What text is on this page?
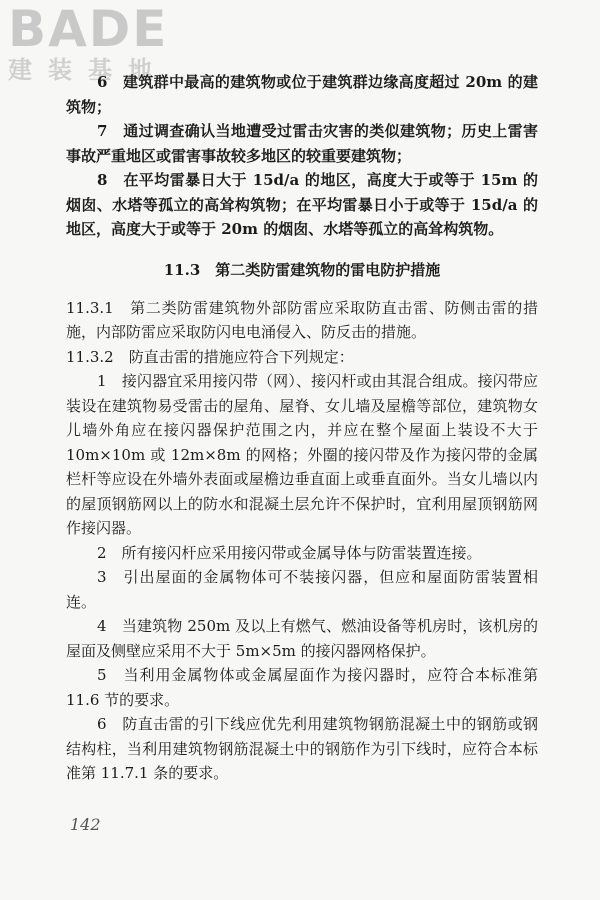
BADE
建装基地

6　建筑群中最高的建筑物或位于建筑群边缘高度超过 20m 的建筑物；

7　通过调查确认当地遭受过雷击灾害的类似建筑物；历史上雷害事故严重地区或雷害事故较多地区的较重要建筑物；

8　在平均雷暴日大于 15d/a 的地区，高度大于或等于 15m 的烟囱、水塔等孤立的高耸构筑物；在平均雷暴日小于或等于 15d/a 的地区，高度大于或等于 20m 的烟囱、水塔等孤立的高耸构筑物。

11.3　第二类防雷建筑物的雷电防护措施

11.3.1　第二类防雷建筑物外部防雷应采取防直击雷、防侧击雷的措施，内部防雷应采取防闪电电涌侵入、防反击的措施。

11.3.2　防直击雷的措施应符合下列规定：

1　接闪器宜采用接闪带（网）、接闪杆或由其混合组成。接闪带应装设在建筑物易受雷击的屋角、屋脊、女儿墙及屋檐等部位，建筑物女儿墙外角应在接闪器保护范围之内，并应在整个屋面上装设不大于 10m×10m 或 12m×8m 的网格；外圈的接闪带及作为接闪带的金属栏杆等应设在外墙外表面或屋檐边垂直面上或垂直面外。当女儿墙以内的屋顶钢筋网以上的防水和混凝土层允许不保护时，宜利用屋顶钢筋网作接闪器。

2　所有接闪杆应采用接闪带或金属导体与防雷装置连接。

3　引出屋面的金属物体可不装接闪器，但应和屋面防雷装置相连。

4　当建筑物 250m 及以上有燃气、燃油设备等机房时，该机房的屋面及侧壁应采用不大于 5m×5m 的接闪器网格保护。

5　当利用金属物体或金属屋面作为接闪器时，应符合本标准第 11.6 节的要求。

6　防直击雷的引下线应优先利用建筑物钢筋混凝土中的钢筋或钢结构柱，当利用建筑物钢筋混凝土中的钢筋作为引下线时，应符合本标准第 11.7.1 条的要求。

142
